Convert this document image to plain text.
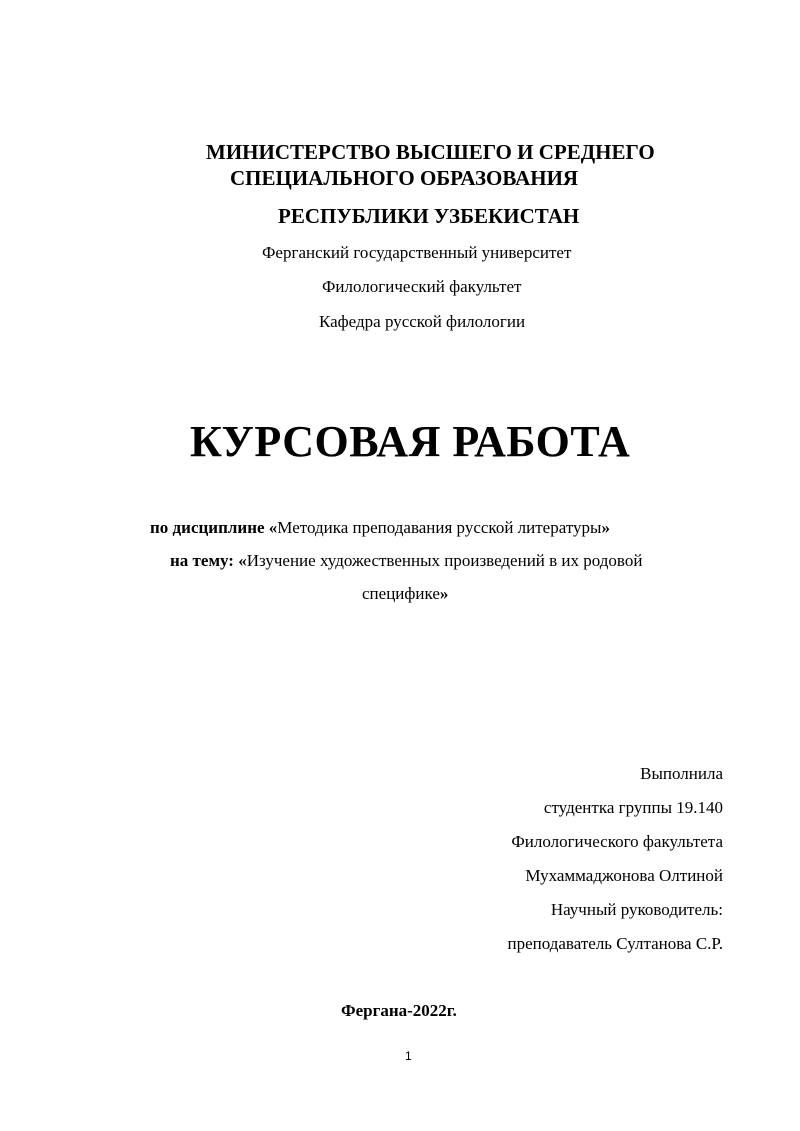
МИНИСТЕРСТВО ВЫСШЕГО И СРЕДНЕГО
СПЕЦИАЛЬНОГО ОБРАЗОВАНИЯ
РЕСПУБЛИКИ УЗБЕКИСТАН
Ферганский государственный университет
Филологический факультет
Кафедра русской филологии
КУРСОВАЯ РАБОТА
по дисциплине «Методика преподавания русской литературы»
на тему: «Изучение художественных произведений в их родовой
специфике»
Выполнила
студентка группы 19.140
Филологического факультета
Мухаммаджонова Олтиной
Научный руководитель:
преподаватель Султанова С.Р.
Фергана-2022г.
1
